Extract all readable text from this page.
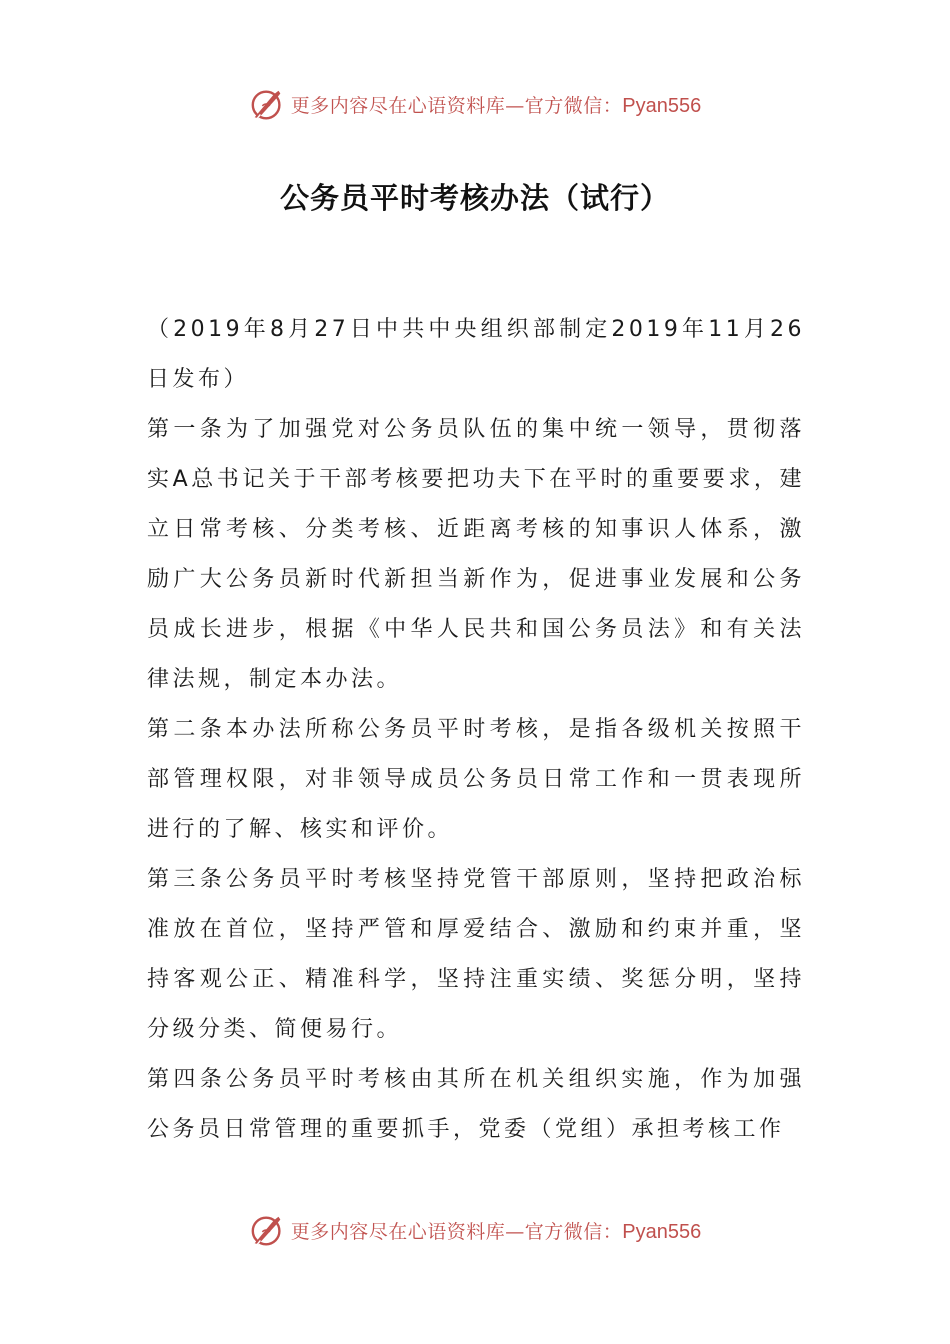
更多内容尽在心语资料库—官方微信：Pyan556
公务员平时考核办法（试行）

（2019年8月27日中共中央组织部制定2019年11月26日发布）

第一条为了加强党对公务员队伍的集中统一领导，贯彻落实A总书记关于干部考核要把功夫下在平时的重要要求，建立日常考核、分类考核、近距离考核的知事识人体系，激励广大公务员新时代新担当新作为，促进事业发展和公务员成长进步，根据《中华人民共和国公务员法》和有关法律法规，制定本办法。

第二条本办法所称公务员平时考核，是指各级机关按照干部管理权限，对非领导成员公务员日常工作和一贯表现所进行的了解、核实和评价。

第三条公务员平时考核坚持党管干部原则，坚持把政治标准放在首位，坚持严管和厚爱结合、激励和约束并重，坚持客观公正、精准科学，坚持注重实绩、奖惩分明，坚持分级分类、简便易行。

第四条公务员平时考核由其所在机关组织实施，作为加强公务员日常管理的重要抓手，党委（党组）承担考核工作

更多内容尽在心语资料库—官方微信：Pyan556
